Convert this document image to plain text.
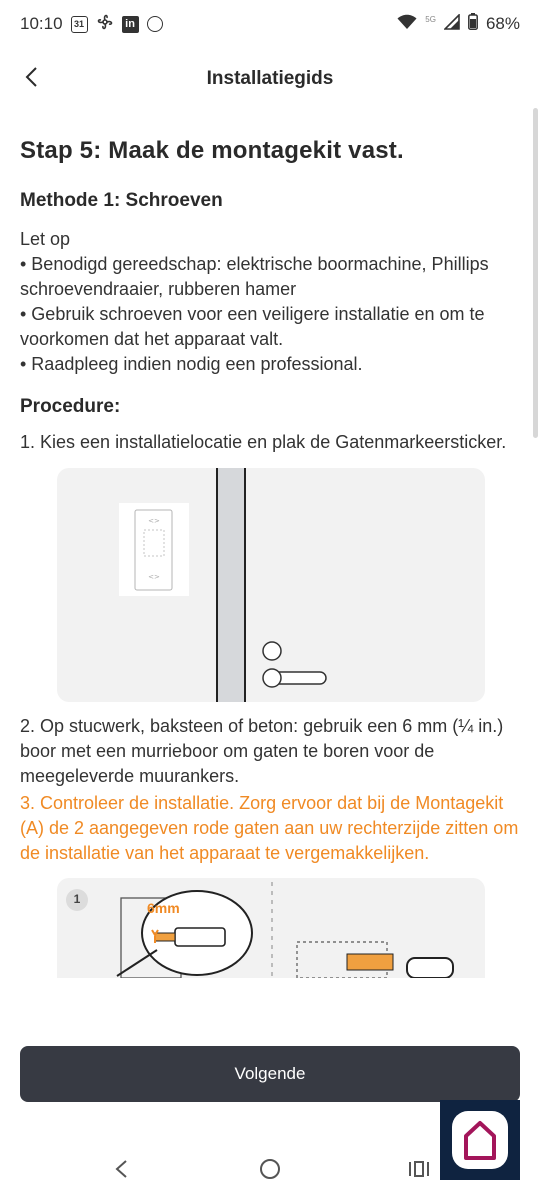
10:10	31	in	5G	68%
Installatiegids
Stap 5: Maak de montagekit vast.
Methode 1: Schroeven

Let op

• Benodigd gereedschap: elektrische boormachine, Phillips schroevendraaier, rubberen hamer

• Gebruik schroeven voor een veiligere installatie en om te voorkomen dat het apparaat valt.

• Raadpleeg indien nodig een professional.

Procedure:
1. Kies een installatielocatie en plak de Gatenmarkeersticker.
<>
<>
2. Op stucwerk, baksteen of beton: gebruik een 6 mm (¼ in.) boor met een murrieboor om gaten te boren voor de meegeleverde muurankers.
3. Controleer de installatie. Zorg ervoor dat bij de Montagekit (A) de 2 aangegeven rode gaten aan uw rechterzijde zitten om de installatie van het apparaat te vergemakkelijken.
1
6mm
Volgende
